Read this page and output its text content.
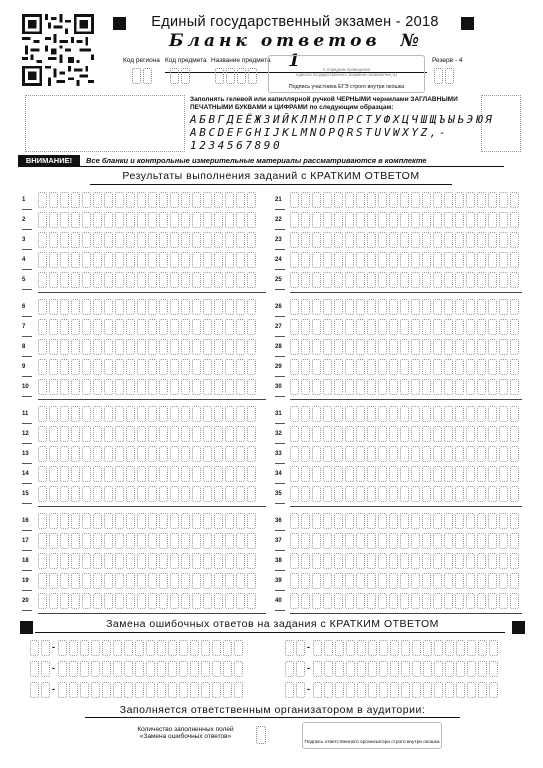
Единый государственный экзамен - 2018
Бланк ответов № 1
Код региона Код предмета Название предмета	Резерв - 4
С порядком проведения
единого государственного экзамена ознакомлен(-а)
Подпись участника ЕГЭ строго внутри окошка
Заполнять гелевой или капиллярной ручкой ЧЕРНЫМИ чернилами ЗАГЛАВНЫМИ ПЕЧАТНЫМИ БУКВАМИ и ЦИФРАМИ по следующим образцам:
АБВГДЕЁЖЗИЙКЛМНОПРСТУФХЦЧШЩЪЫЬЭЮЯ
ABCDEFGHIJKLMNOPQRSTUVWXYZ,-
1234567890
ВНИМАНИЕ!	Все бланки и контрольные измерительные материалы рассматриваются в комплекте
Результаты выполнения заданий с КРАТКИМ ОТВЕТОМ
1	21
2	22
3	23
4	24
5	25
6	26
7	27
8	28
9	29
10	30
11	31
12	32
13	33
14	34
15	35
16	36
17	37
18	38
19	39
20	40
Замена ошибочных ответов на задания с КРАТКИМ ОТВЕТОМ
-	-
-	-
-	-
Заполняется ответственным организатором в аудитории:
Количество заполненных полей
«Замена ошибочных ответов»
Подпись ответственного организатора строго внутри окошка
